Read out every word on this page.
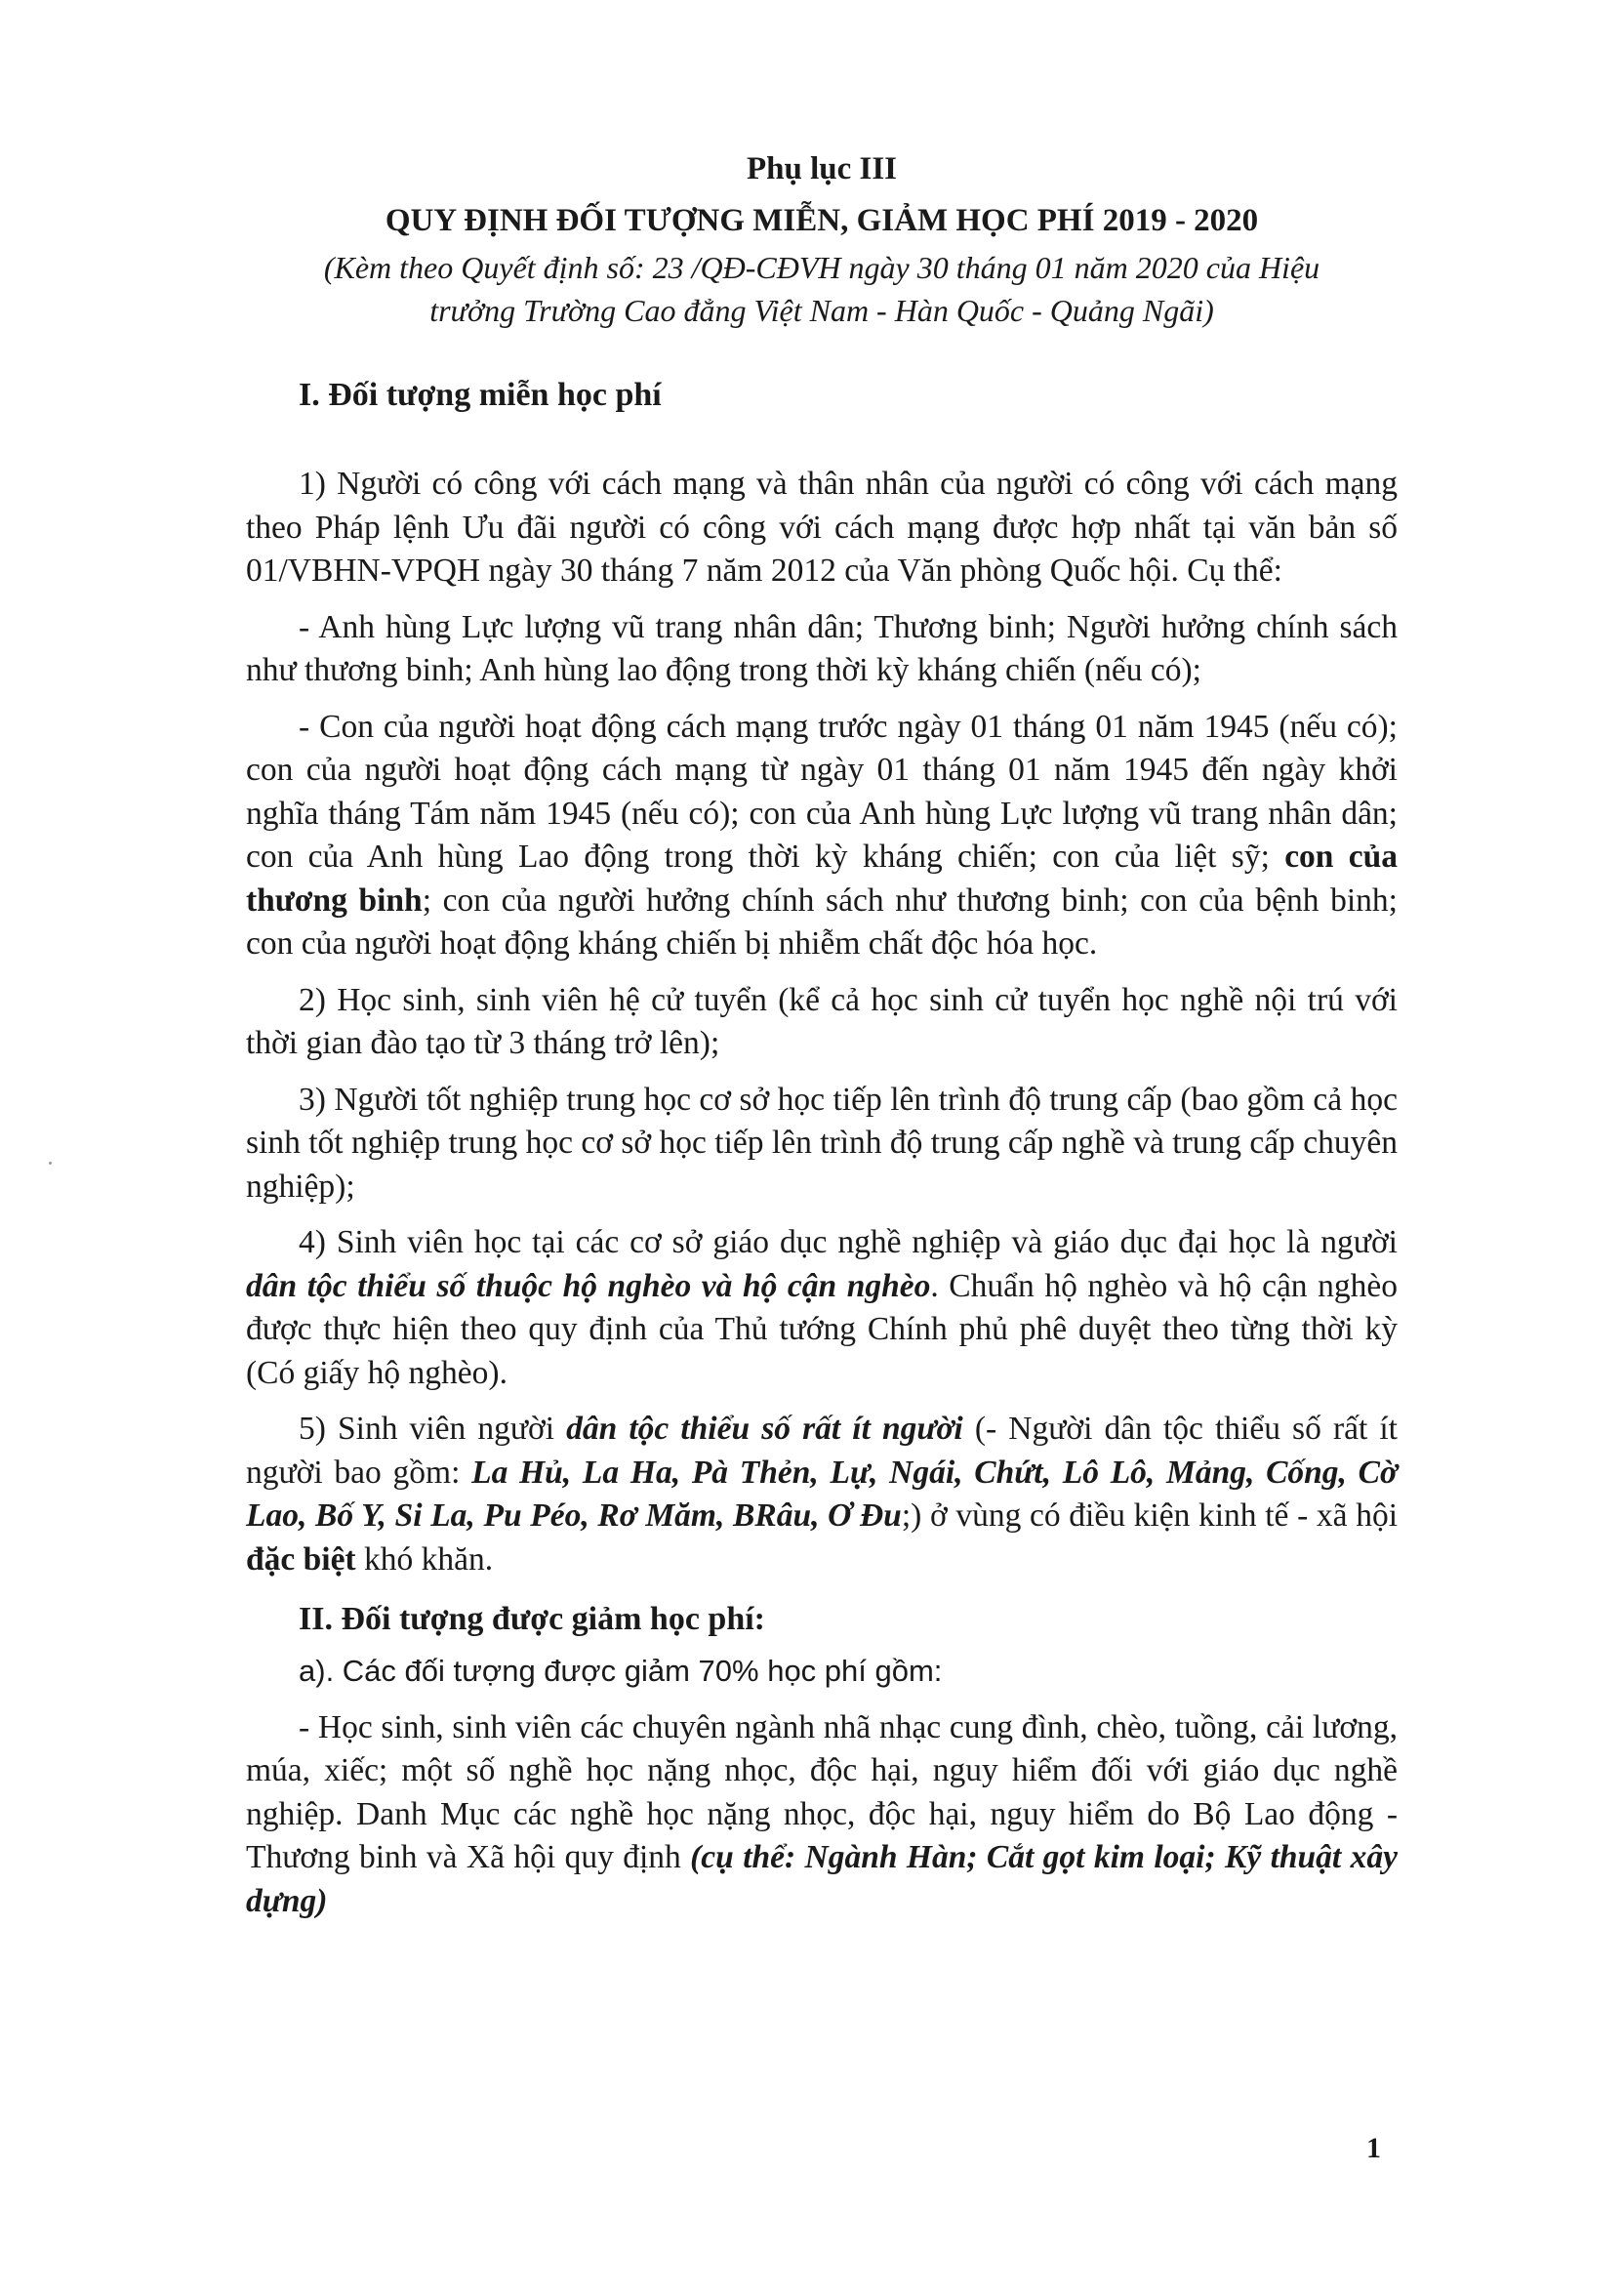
Phụ lục III
QUY ĐỊNH ĐỐI TƯỢNG MIỄN, GIẢM HỌC PHÍ 2019 - 2020
(Kèm theo Quyết định số: 23 /QĐ-CĐVH ngày 30 tháng 01 năm 2020 của Hiệu
trưởng Trường Cao đẳng Việt Nam - Hàn Quốc - Quảng Ngãi)
I. Đối tượng miễn học phí

1) Người có công với cách mạng và thân nhân của người có công với cách mạng theo Pháp lệnh Ưu đãi người có công với cách mạng được hợp nhất tại văn bản số 01/VBHN-VPQH ngày 30 tháng 7 năm 2012 của Văn phòng Quốc hội. Cụ thể:

- Anh hùng Lực lượng vũ trang nhân dân; Thương binh; Người hưởng chính sách như thương binh; Anh hùng lao động trong thời kỳ kháng chiến (nếu có);

- Con của người hoạt động cách mạng trước ngày 01 tháng 01 năm 1945 (nếu có); con của người hoạt động cách mạng từ ngày 01 tháng 01 năm 1945 đến ngày khởi nghĩa tháng Tám năm 1945 (nếu có); con của Anh hùng Lực lượng vũ trang nhân dân; con của Anh hùng Lao động trong thời kỳ kháng chiến; con của liệt sỹ; con của thương binh; con của người hưởng chính sách như thương binh; con của bệnh binh; con của người hoạt động kháng chiến bị nhiễm chất độc hóa học.

2) Học sinh, sinh viên hệ cử tuyển (kể cả học sinh cử tuyển học nghề nội trú với thời gian đào tạo từ 3 tháng trở lên);

3) Người tốt nghiệp trung học cơ sở học tiếp lên trình độ trung cấp (bao gồm cả học sinh tốt nghiệp trung học cơ sở học tiếp lên trình độ trung cấp nghề và trung cấp chuyên nghiệp);

4) Sinh viên học tại các cơ sở giáo dục nghề nghiệp và giáo dục đại học là người dân tộc thiểu số thuộc hộ nghèo và hộ cận nghèo. Chuẩn hộ nghèo và hộ cận nghèo được thực hiện theo quy định của Thủ tướng Chính phủ phê duyệt theo từng thời kỳ (Có giấy hộ nghèo).

5) Sinh viên người dân tộc thiểu số rất ít người (- Người dân tộc thiểu số rất ít người bao gồm: La Hủ, La Ha, Pà Thẻn, Lự, Ngái, Chứt, Lô Lô, Mảng, Cống, Cờ Lao, Bố Y, Si La, Pu Péo, Rơ Măm, BRâu, Ơ Đu;) ở vùng có điều kiện kinh tế - xã hội đặc biệt khó khăn.

II. Đối tượng được giảm học phí:

a). Các đối tượng được giảm 70% học phí gồm:

- Học sinh, sinh viên các chuyên ngành nhã nhạc cung đình, chèo, tuồng, cải lương, múa, xiếc; một số nghề học nặng nhọc, độc hại, nguy hiểm đối với giáo dục nghề nghiệp. Danh Mục các nghề học nặng nhọc, độc hại, nguy hiểm do Bộ Lao động - Thương binh và Xã hội quy định (cụ thể: Ngành Hàn; Cắt gọt kim loại; Kỹ thuật xây dựng)

1
